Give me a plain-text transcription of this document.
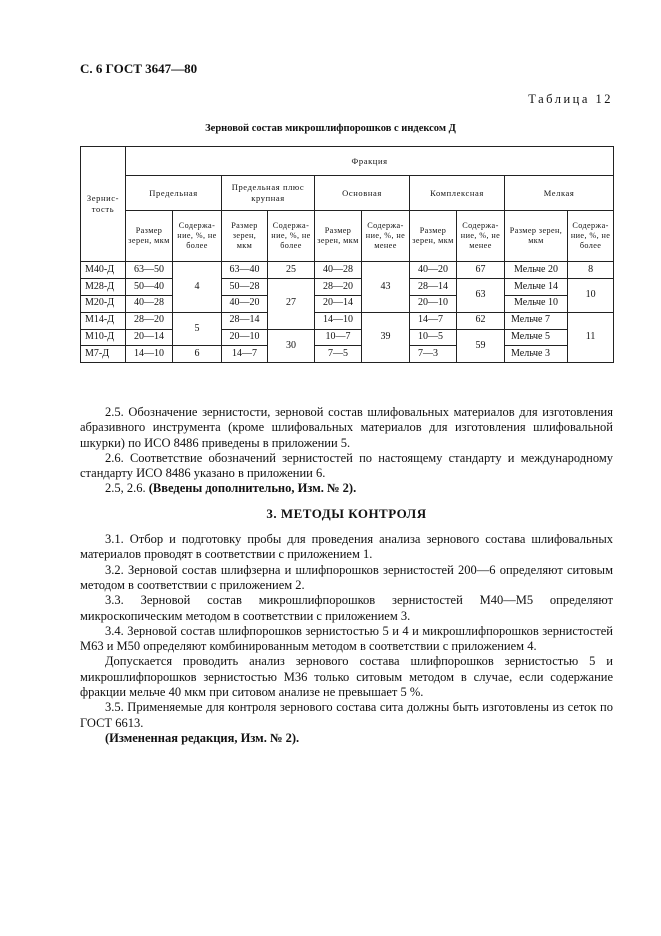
С. 6 ГОСТ 3647—80
Таблица 12
Зерновой состав микрошлифпорошков с индексом Д
Зернис-тость	Фракция									
	Предельная		Предельная плюс крупная		Основная		Комплексная		Мелкая	
	Размер зерен, мкм	Содержа-ние, %, не более	Размер зерен, мкм	Содержа-ние, %, не более	Размер зерен, мкм	Содержа-ние, %, не менее	Размер зерен, мкм	Содержа-ние, %, не менее	Размер зерен, мкм	Содержа-ние, %, не более
М40-Д	63—50	4	63—40	25	40—28	43	40—20	67	Мельче 20	8
М28-Д	50—40		50—28	27	28—20		28—14	63	Мельче 14	10
М20-Д	40—28		40—20		20—14		20—10		Мельче 10	
М14-Д	28—20	5	28—14		14—10	39	14—7	62	Мельче 7	11
М10-Д	20—14		20—10	30	10—7		10—5	59	Мельче 5	
М7-Д	14—10	6	14—7		7—5		7—3		Мельче 3	

2.5. Обозначение зернистости, зерновой состав шлифовальных материалов для изготовления абразивного инструмента (кроме шлифовальных материалов для изготовления шлифовальной шкурки) по ИСО 8486 приведены в приложении 5.

2.6. Соответствие обозначений зернистостей по настоящему стандарту и международному стандарту ИСО 8486 указано в приложении 6.

2.5, 2.6. (Введены дополнительно, Изм. № 2).

3. МЕТОДЫ КОНТРОЛЯ

3.1. Отбор и подготовку пробы для проведения анализа зернового состава шлифовальных материалов проводят в соответствии с приложением 1.

3.2. Зерновой состав шлифзерна и шлифпорошков зернистостей 200—6 определяют ситовым методом в соответствии с приложением 2.

3.3. Зерновой состав микрошлифпорошков зернистостей М40—М5 определяют микроскопическим методом в соответствии с приложением 3.

3.4. Зерновой состав шлифпорошков зернистостью 5 и 4 и микрошлифпорошков зернистостей М63 и М50 определяют комбинированным методом в соответствии с приложением 4.

Допускается проводить анализ зернового состава шлифпорошков зернистостью 5 и микрошлифпорошков зернистостью М36 только ситовым методом в случае, если содержание фракции мельче 40 мкм при ситовом анализе не превышает 5 %.

3.5. Применяемые для контроля зернового состава сита должны быть изготовлены из сеток по ГОСТ 6613.

(Измененная редакция, Изм. № 2).
